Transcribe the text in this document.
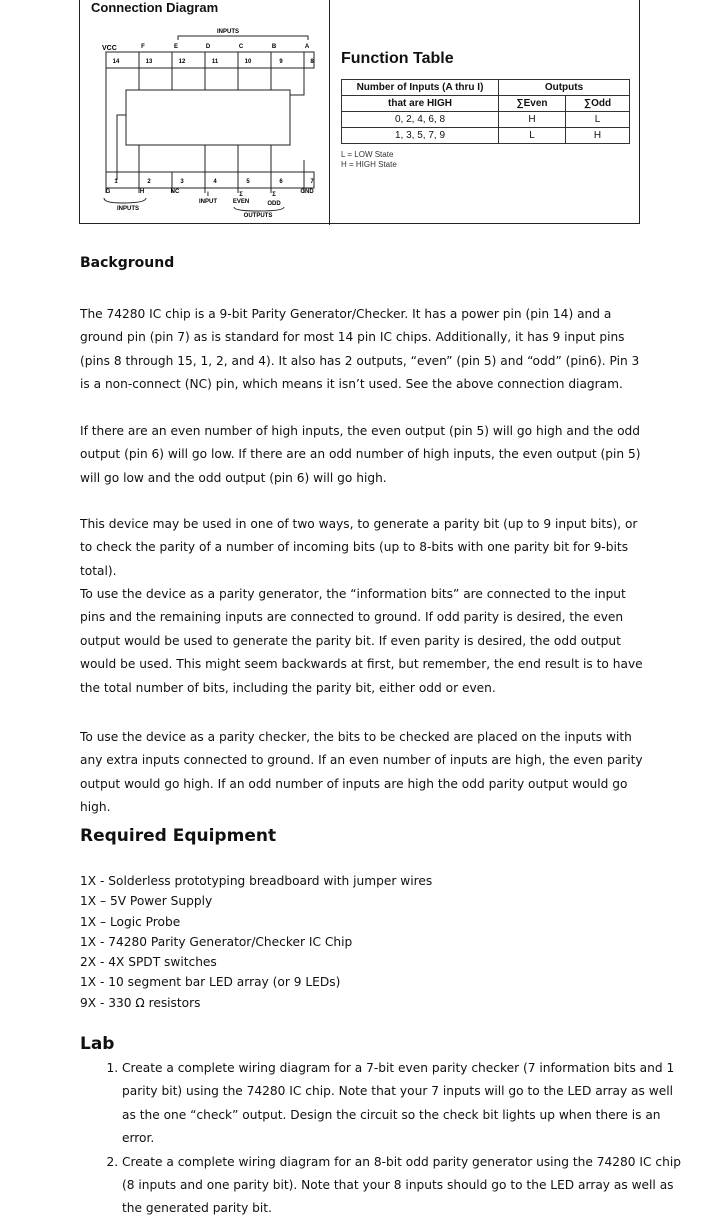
Connection Diagram
INPUTS
VCC	F	E	D	C	B	A
14	13	12	11	10	9	8
1	2	3	4	5	6	7
G	H	NC	I	Σ	Σ	GND
INPUT	EVEN	ODD
INPUTS
OUTPUTS
Function Table
Number of Inputs (A thru I)	Outputs	
that are HIGH	∑Even	∑Odd
0, 2, 4, 6, 8	H	L
1, 3, 5, 7, 9	L	H
L = LOW State
H = HIGH State
Background
The 74280 IC chip is a 9-bit Parity Generator/Checker. It has a power pin (pin 14) and a ground pin (pin 7) as is standard for most 14 pin IC chips. Additionally, it has 9 input pins (pins 8 through 15, 1, 2, and 4). It also has 2 outputs, “even” (pin 5) and “odd” (pin6). Pin 3 is a non-connect (NC) pin, which means it isn’t used. See the above connection diagram.
If there are an even number of high inputs, the even output (pin 5) will go high and the odd output (pin 6) will go low. If there are an odd number of high inputs, the even output (pin 5) will go low and the odd output (pin 6) will go high.
This device may be used in one of two ways, to generate a parity bit (up to 9 input bits), or to check the parity of a number of incoming bits (up to 8-bits with one parity bit for 9-bits total).
To use the device as a parity generator, the “information bits” are connected to the input pins and the remaining inputs are connected to ground. If odd parity is desired, the even output would be used to generate the parity bit. If even parity is desired, the odd output would be used. This might seem backwards at first, but remember, the end result is to have the total number of bits, including the parity bit, either odd or even.
To use the device as a parity checker, the bits to be checked are placed on the inputs with any extra inputs connected to ground. If an even number of inputs are high, the even parity output would go high. If an odd number of inputs are high the odd parity output would go high.
Required Equipment
1X - Solderless prototyping breadboard with jumper wires
1X – 5V Power Supply
1X – Logic Probe
1X - 74280 Parity Generator/Checker IC Chip
2X - 4X SPDT switches
1X - 10 segment bar LED array (or 9 LEDs)
9X - 330 Ω resistors
Lab
1. Create a complete wiring diagram for a 7-bit even parity checker (7 information bits and 1 parity bit) using the 74280 IC chip. Note that your 7 inputs will go to the LED array as well as the one “check” output. Design the circuit so the check bit lights up when there is an error.
2. Create a complete wiring diagram for an 8-bit odd parity generator using the 74280 IC chip (8 inputs and one parity bit). Note that your 8 inputs should go to the LED array as well as the generated parity bit.
